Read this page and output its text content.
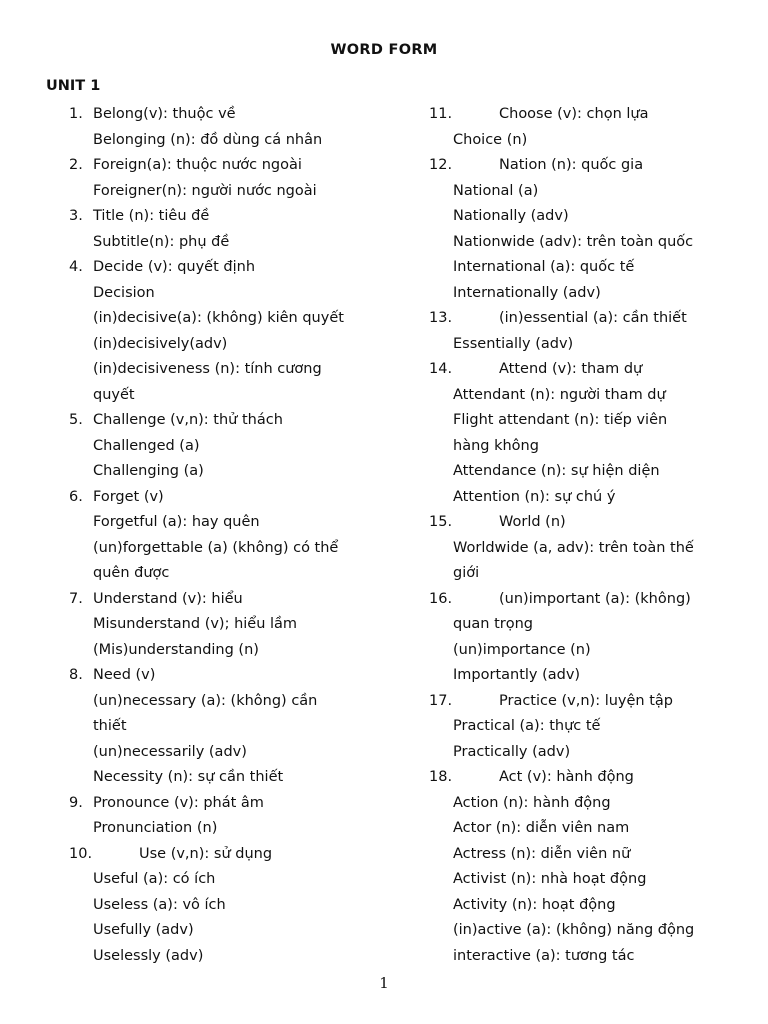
WORD FORM
UNIT 1
1. Belong(v): thuộc về
Belonging (n): đồ dùng cá nhân
2. Foreign(a): thuộc nước ngoài
Foreigner(n): người nước ngoài
3. Title (n): tiêu đề
Subtitle(n): phụ đề
4. Decide (v): quyết định
Decision
(in)decisive(a): (không) kiên quyết
(in)decisively(adv)
(in)decisiveness (n): tính cương
quyết
5. Challenge (v,n): thử thách
Challenged (a)
Challenging (a)
6. Forget (v)
Forgetful (a): hay quên
(un)forgettable (a) (không) có thể
quên được
7. Understand (v): hiểu
Misunderstand (v); hiểu lầm
(Mis)understanding (n)
8. Need (v)
(un)necessary (a): (không) cần
thiết
(un)necessarily (adv)
Necessity (n): sự cần thiết
9. Pronounce (v): phát âm
Pronunciation (n)
10.	Use (v,n): sử dụng
Useful (a): có ích
Useless (a): vô ích
Usefully (adv)
Uselessly (adv)
11.	Choose (v): chọn lựa
Choice (n)
12.	Nation (n): quốc gia
National (a)
Nationally (adv)
Nationwide (adv): trên toàn quốc
International (a): quốc tế
Internationally (adv)
13.	(in)essential (a): cần thiết
Essentially (adv)
14.	Attend (v): tham dự
Attendant (n): người tham dự
Flight attendant (n): tiếp viên
hàng không
Attendance (n): sự hiện diện
Attention (n): sự chú ý
15.	World (n)
Worldwide (a, adv): trên toàn thế
giới
16.	(un)important (a): (không)
quan trọng
(un)importance (n)
Importantly (adv)
17.	Practice (v,n): luyện tập
Practical (a): thực tế
Practically (adv)
18.	Act (v): hành động
Action (n): hành động
Actor (n): diễn viên nam
Actress (n): diễn viên nữ
Activist (n): nhà hoạt động
Activity (n): hoạt động
(in)active (a): (không) năng động
interactive (a): tương tác
1
